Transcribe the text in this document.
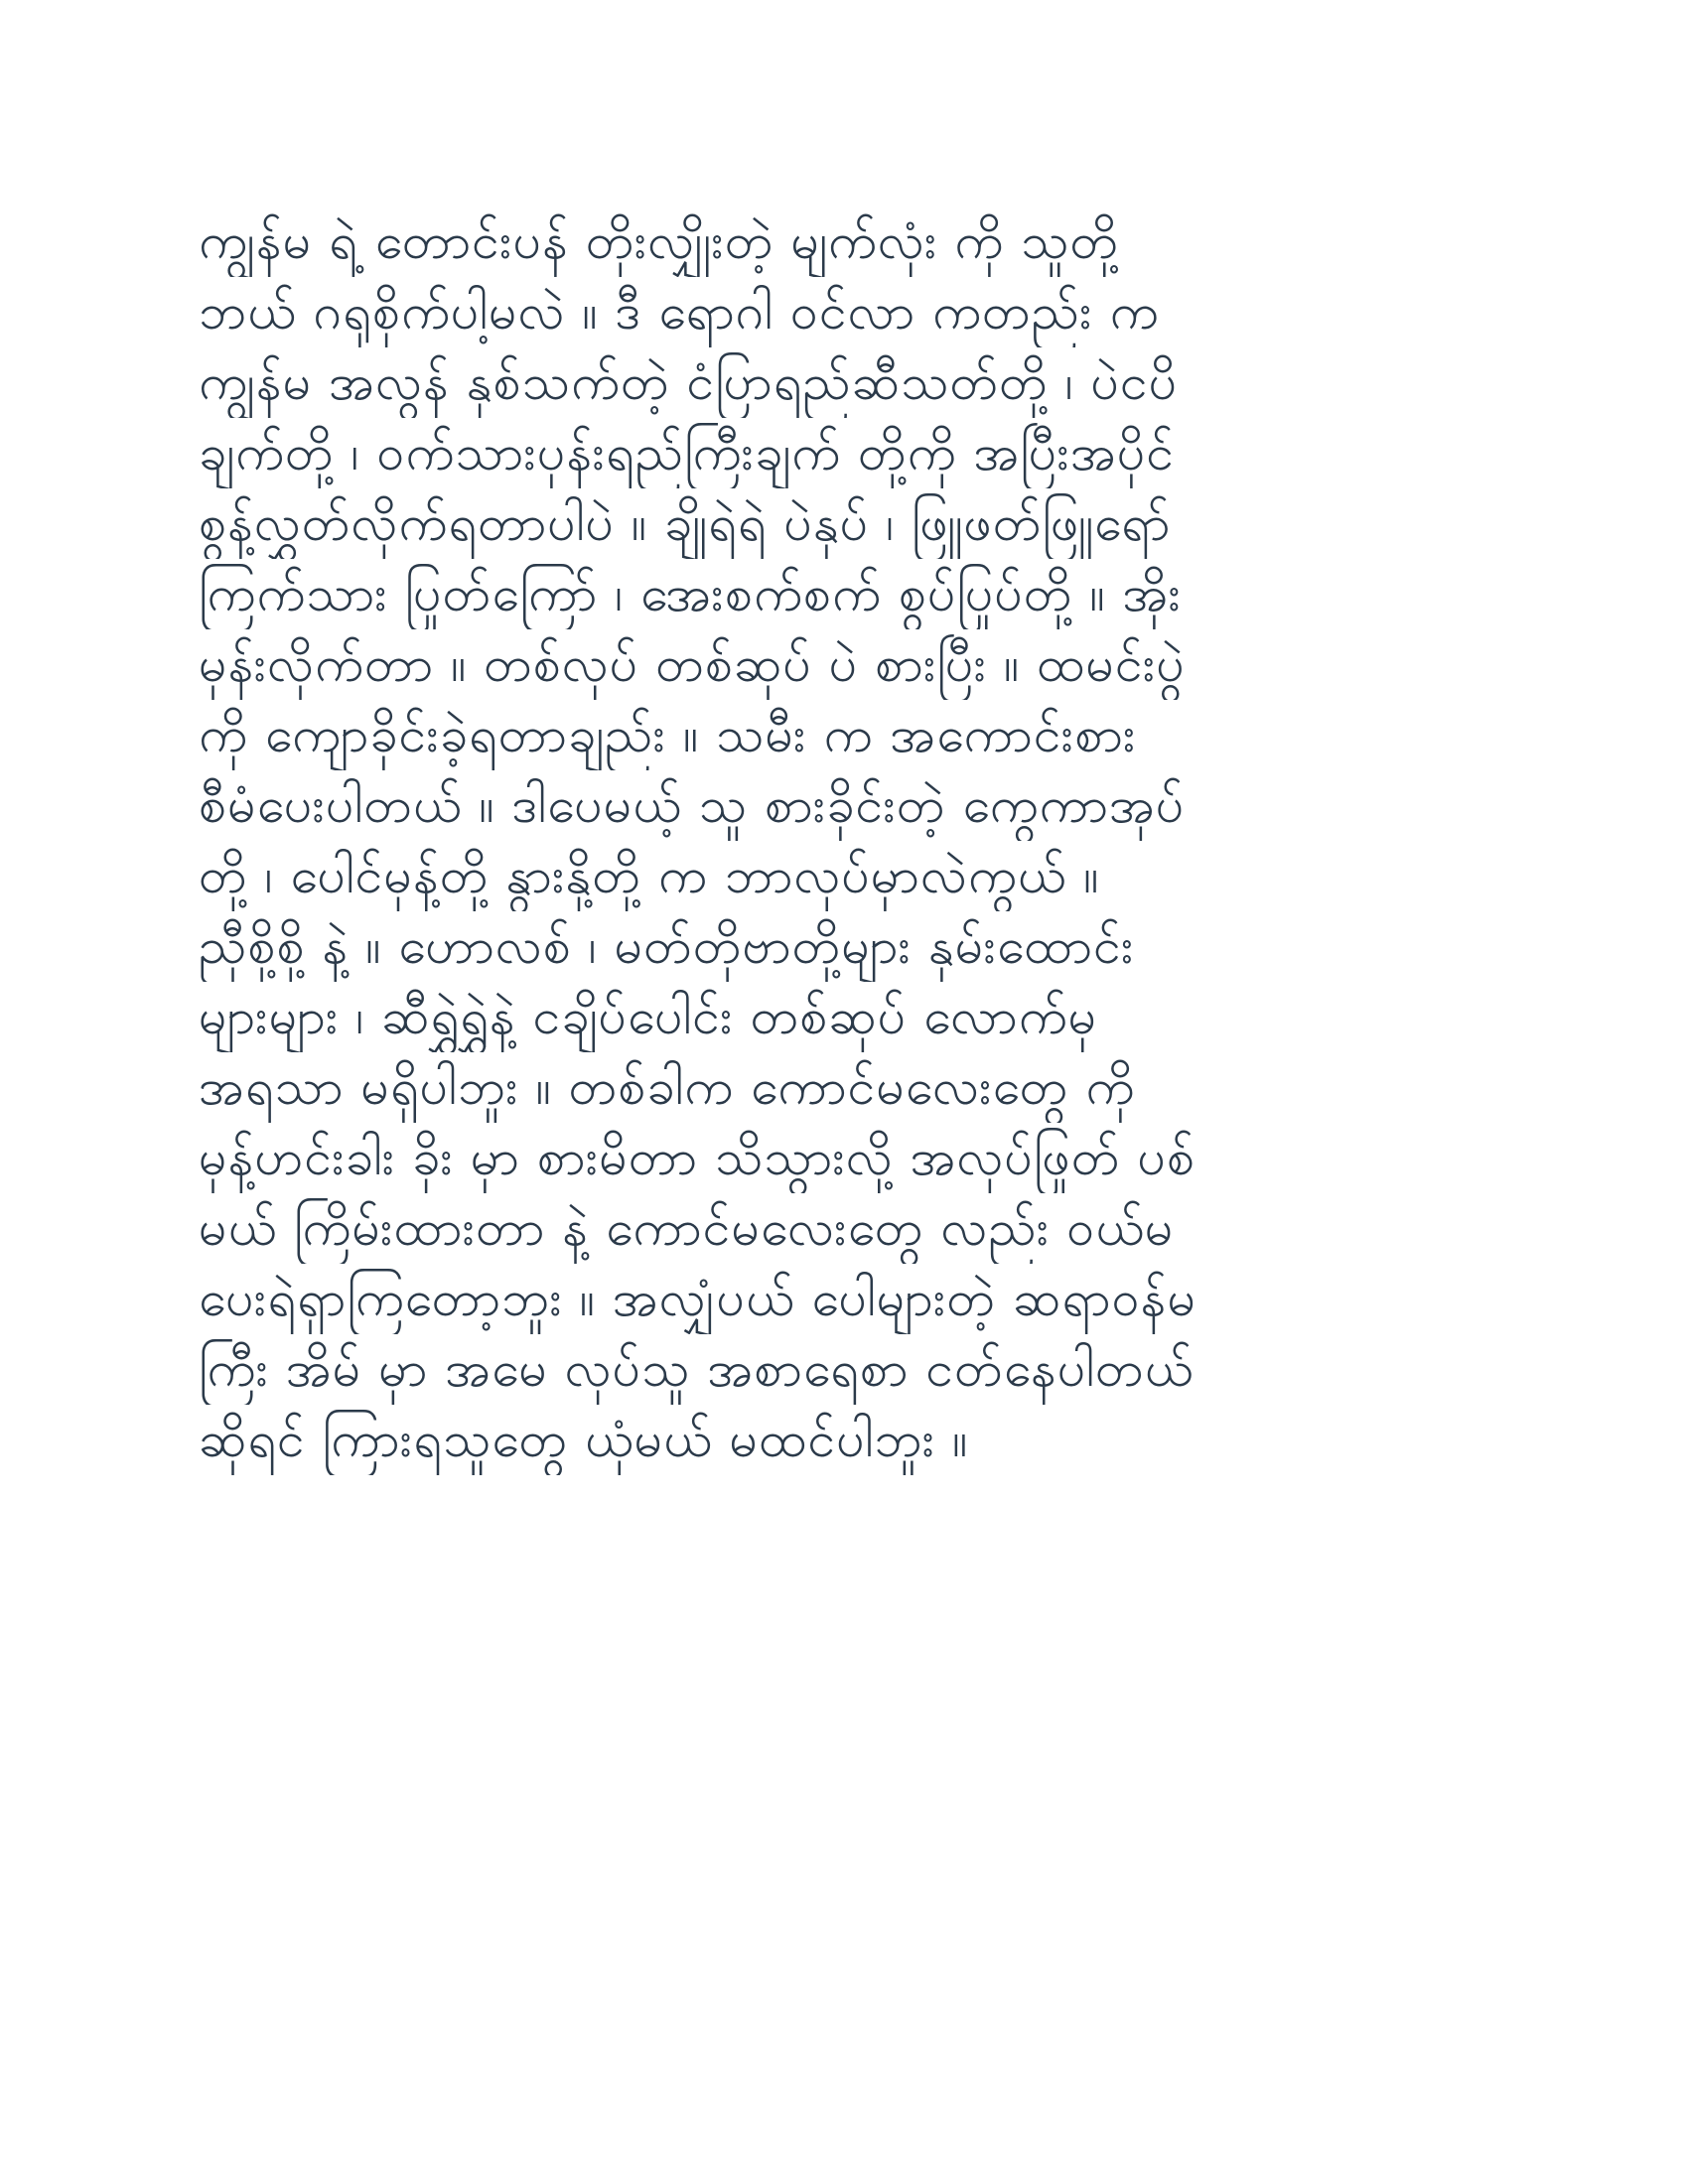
ကျွန်မ ရဲ့ တောင်းပန် တိုးလျှိုးတဲ့ မျက်လုံး ကို သူတို့
ဘယ် ဂရုစိုက်ပါ့မလဲ ။ ဒီ ရောဂါ ဝင်လာ ကတည်း က
ကျွန်မ အလွန် နှစ်သက်တဲ့ ငံပြာရည်ဆီသတ်တို့ ၊ ပဲငပိ
ချက်တို့ ၊ ဝက်သားပုန်းရည်ကြီးချက် တို့ကို အပြီးအပိုင်
စွန့်လွှတ်လိုက်ရတာပါပဲ ။ ချိုရဲရဲ ပဲနှပ် ၊ ဖြူဖတ်ဖြူရော်
ကြက်သား ပြုတ်ကြော် ၊ အေးစက်စက် စွပ်ပြုပ်တို့ ။ အိုး
မုန်းလိုက်တာ ။ တစ်လုပ် တစ်ဆုပ် ပဲ စားပြီး ။ ထမင်းပွဲ
ကို ကျောခိုင်းခဲ့ရတာချည်း ။ သမီး က အကောင်းစား
စီမံပေးပါတယ် ။ ဒါပေမယ့် သူ စားခိုင်းတဲ့ ကွေကာအုပ်
တို့ ၊ ပေါင်မုန့်တို့ နွားနို့တို့ က ဘာလုပ်မှာလဲကွယ် ။
ညှီစို့စို့ နဲ့ ။ ဟောလစ် ၊ မတ်တိုဗာတို့များ နှမ်းထောင်း
များများ ၊ ဆီရွှဲရွှဲနဲ့ ငချိပ်ပေါင်း တစ်ဆုပ် လောက်မှ
အရသာ မရှိပါဘူး ။ တစ်ခါက ကောင်မလေးတွေ ကို
မုန့်ဟင်းခါး ခိုး မှာ စားမိတာ သိသွားလို့ အလုပ်ဖြုတ် ပစ်
မယ် ကြိမ်းထားတာ နဲ့ ကောင်မလေးတွေ လည်း ဝယ်မ
ပေးရဲရှာကြတော့ဘူး ။ အလျှံပယ် ပေါများတဲ့ ဆရာဝန်မ
ကြီး အိမ် မှာ အမေ လုပ်သူ အစာရေစာ ငတ်နေပါတယ်
ဆိုရင် ကြားရသူတွေ ယုံမယ် မထင်ပါဘူး ။
